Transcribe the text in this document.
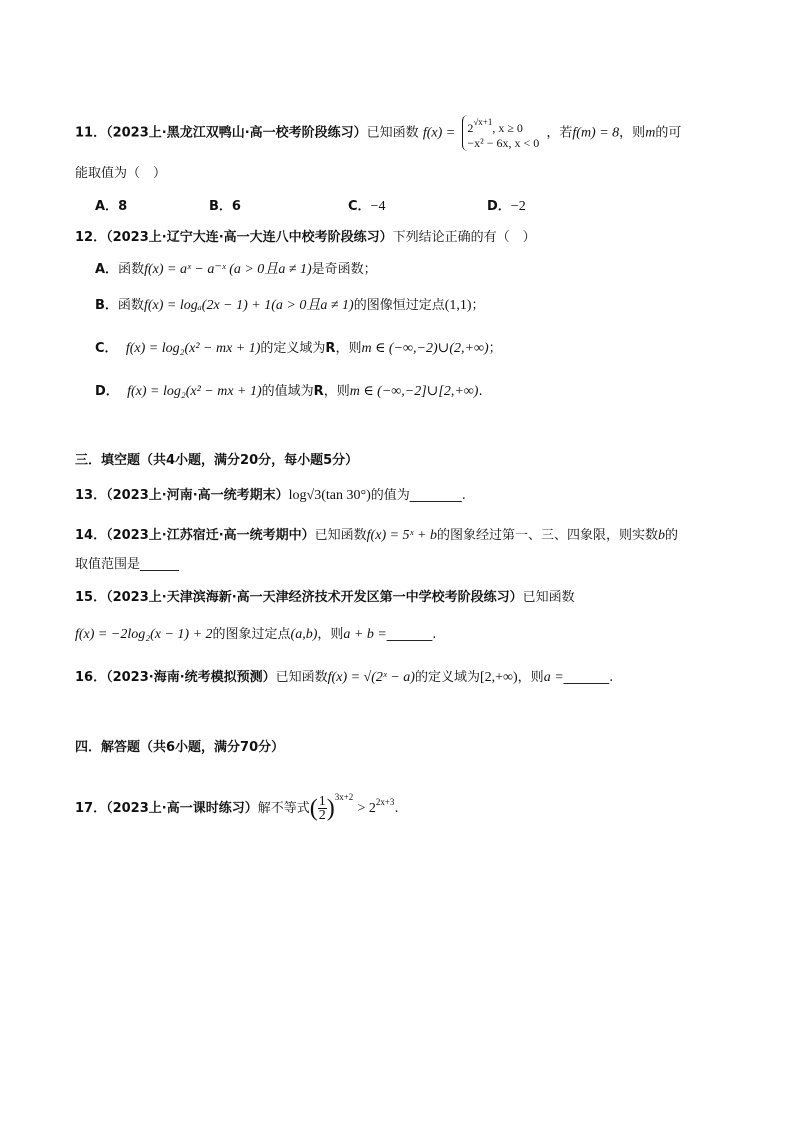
11．（2023上·黑龙江双鸭山·高一校考阶段练习）已知函数 $f(x) = 2^{√x+1}$, x ≥ 0
−x² − 6x, x < 0
，若f(m) = 8，则m的可
能取值为（　）
A．8	B．6	C．−4	D．−2
12．（2023上·辽宁大连·高一大连八中校考阶段练习）下列结论正确的有（　）
A．函数f(x) = aˣ − a⁻ˣ (a > 0且a ≠ 1)是奇函数；
B．函数f(x) = logₐ(2x − 1) + 1(a > 0且a ≠ 1)的图像恒过定点(1,1)；
C． f(x) = log₂(x² − mx + 1)的定义域为R，则m ∈ (−∞,−2)∪(2,+∞)；
D． f(x) = log₂(x² − mx + 1)的值域为R，则m ∈ (−∞,−2]∪[2,+∞).
三．填空题（共4小题，满分20分，每小题5分）
13．（2023上·河南·高一统考期末）log√3(tan 30°)的值为________.
14．（2023上·江苏宿迁·高一统考期中）已知函数f(x) = 5ˣ + b的图象经过第一、三、四象限，则实数b的
取值范围是______
15．（2023上·天津滨海新·高一天津经济技术开发区第一中学校考阶段练习）已知函数
f(x) = −2log₂(x − 1) + 2的图象过定点(a,b)，则a + b =_______.
16．（2023·海南·统考模拟预测）已知函数f(x) = √(2ˣ − a)的定义域为[2,+∞)，则a =_______.
四．解答题（共6小题，满分70分）
17．（2023上·高一课时练习）解不等式( $\frac{1}{2} )^{3x+2} > 2^{2x+3}$.
